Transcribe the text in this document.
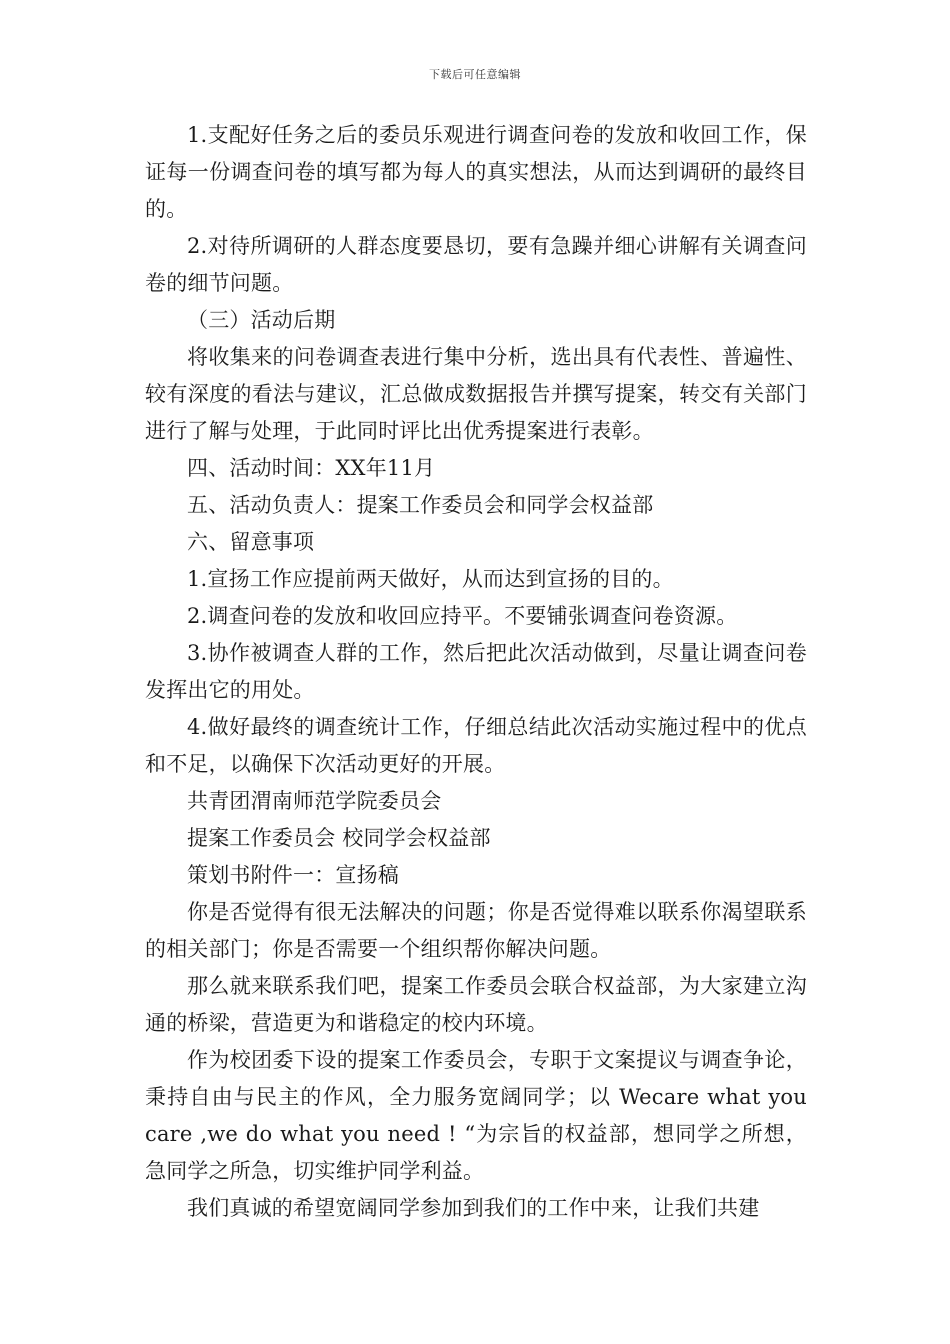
下载后可任意编辑

1.支配好任务之后的委员乐观进行调查问卷的发放和收回工作，保证每一份调查问卷的填写都为每人的真实想法，从而达到调研的最终目的。

2.对待所调研的人群态度要恳切，要有急躁并细心讲解有关调查问卷的细节问题。

（三）活动后期

将收集来的问卷调查表进行集中分析，选出具有代表性、普遍性、较有深度的看法与建议，汇总做成数据报告并撰写提案，转交有关部门进行了解与处理，于此同时评比出优秀提案进行表彰。

四、活动时间：XX年11月

五、活动负责人：提案工作委员会和同学会权益部

六、留意事项

1.宣扬工作应提前两天做好，从而达到宣扬的目的。

2.调查问卷的发放和收回应持平。不要铺张调查问卷资源。

3.协作被调查人群的工作，然后把此次活动做到，尽量让调查问卷发挥出它的用处。

4.做好最终的调查统计工作，仔细总结此次活动实施过程中的优点和不足，以确保下次活动更好的开展。

共青团渭南师范学院委员会

提案工作委员会 校同学会权益部

策划书附件一：宣扬稿

你是否觉得有很无法解决的问题；你是否觉得难以联系你渴望联系的相关部门；你是否需要一个组织帮你解决问题。

那么就来联系我们吧，提案工作委员会联合权益部，为大家建立沟通的桥梁，营造更为和谐稳定的校内环境。

作为校团委下设的提案工作委员会，专职于文案提议与调查争论，秉持自由与民主的作风，全力服务宽阔同学；以 Wecare what you care ,we do what you need ! “为宗旨的权益部，想同学之所想，急同学之所急，切实维护同学利益。

我们真诚的希望宽阔同学参加到我们的工作中来，让我们共建
